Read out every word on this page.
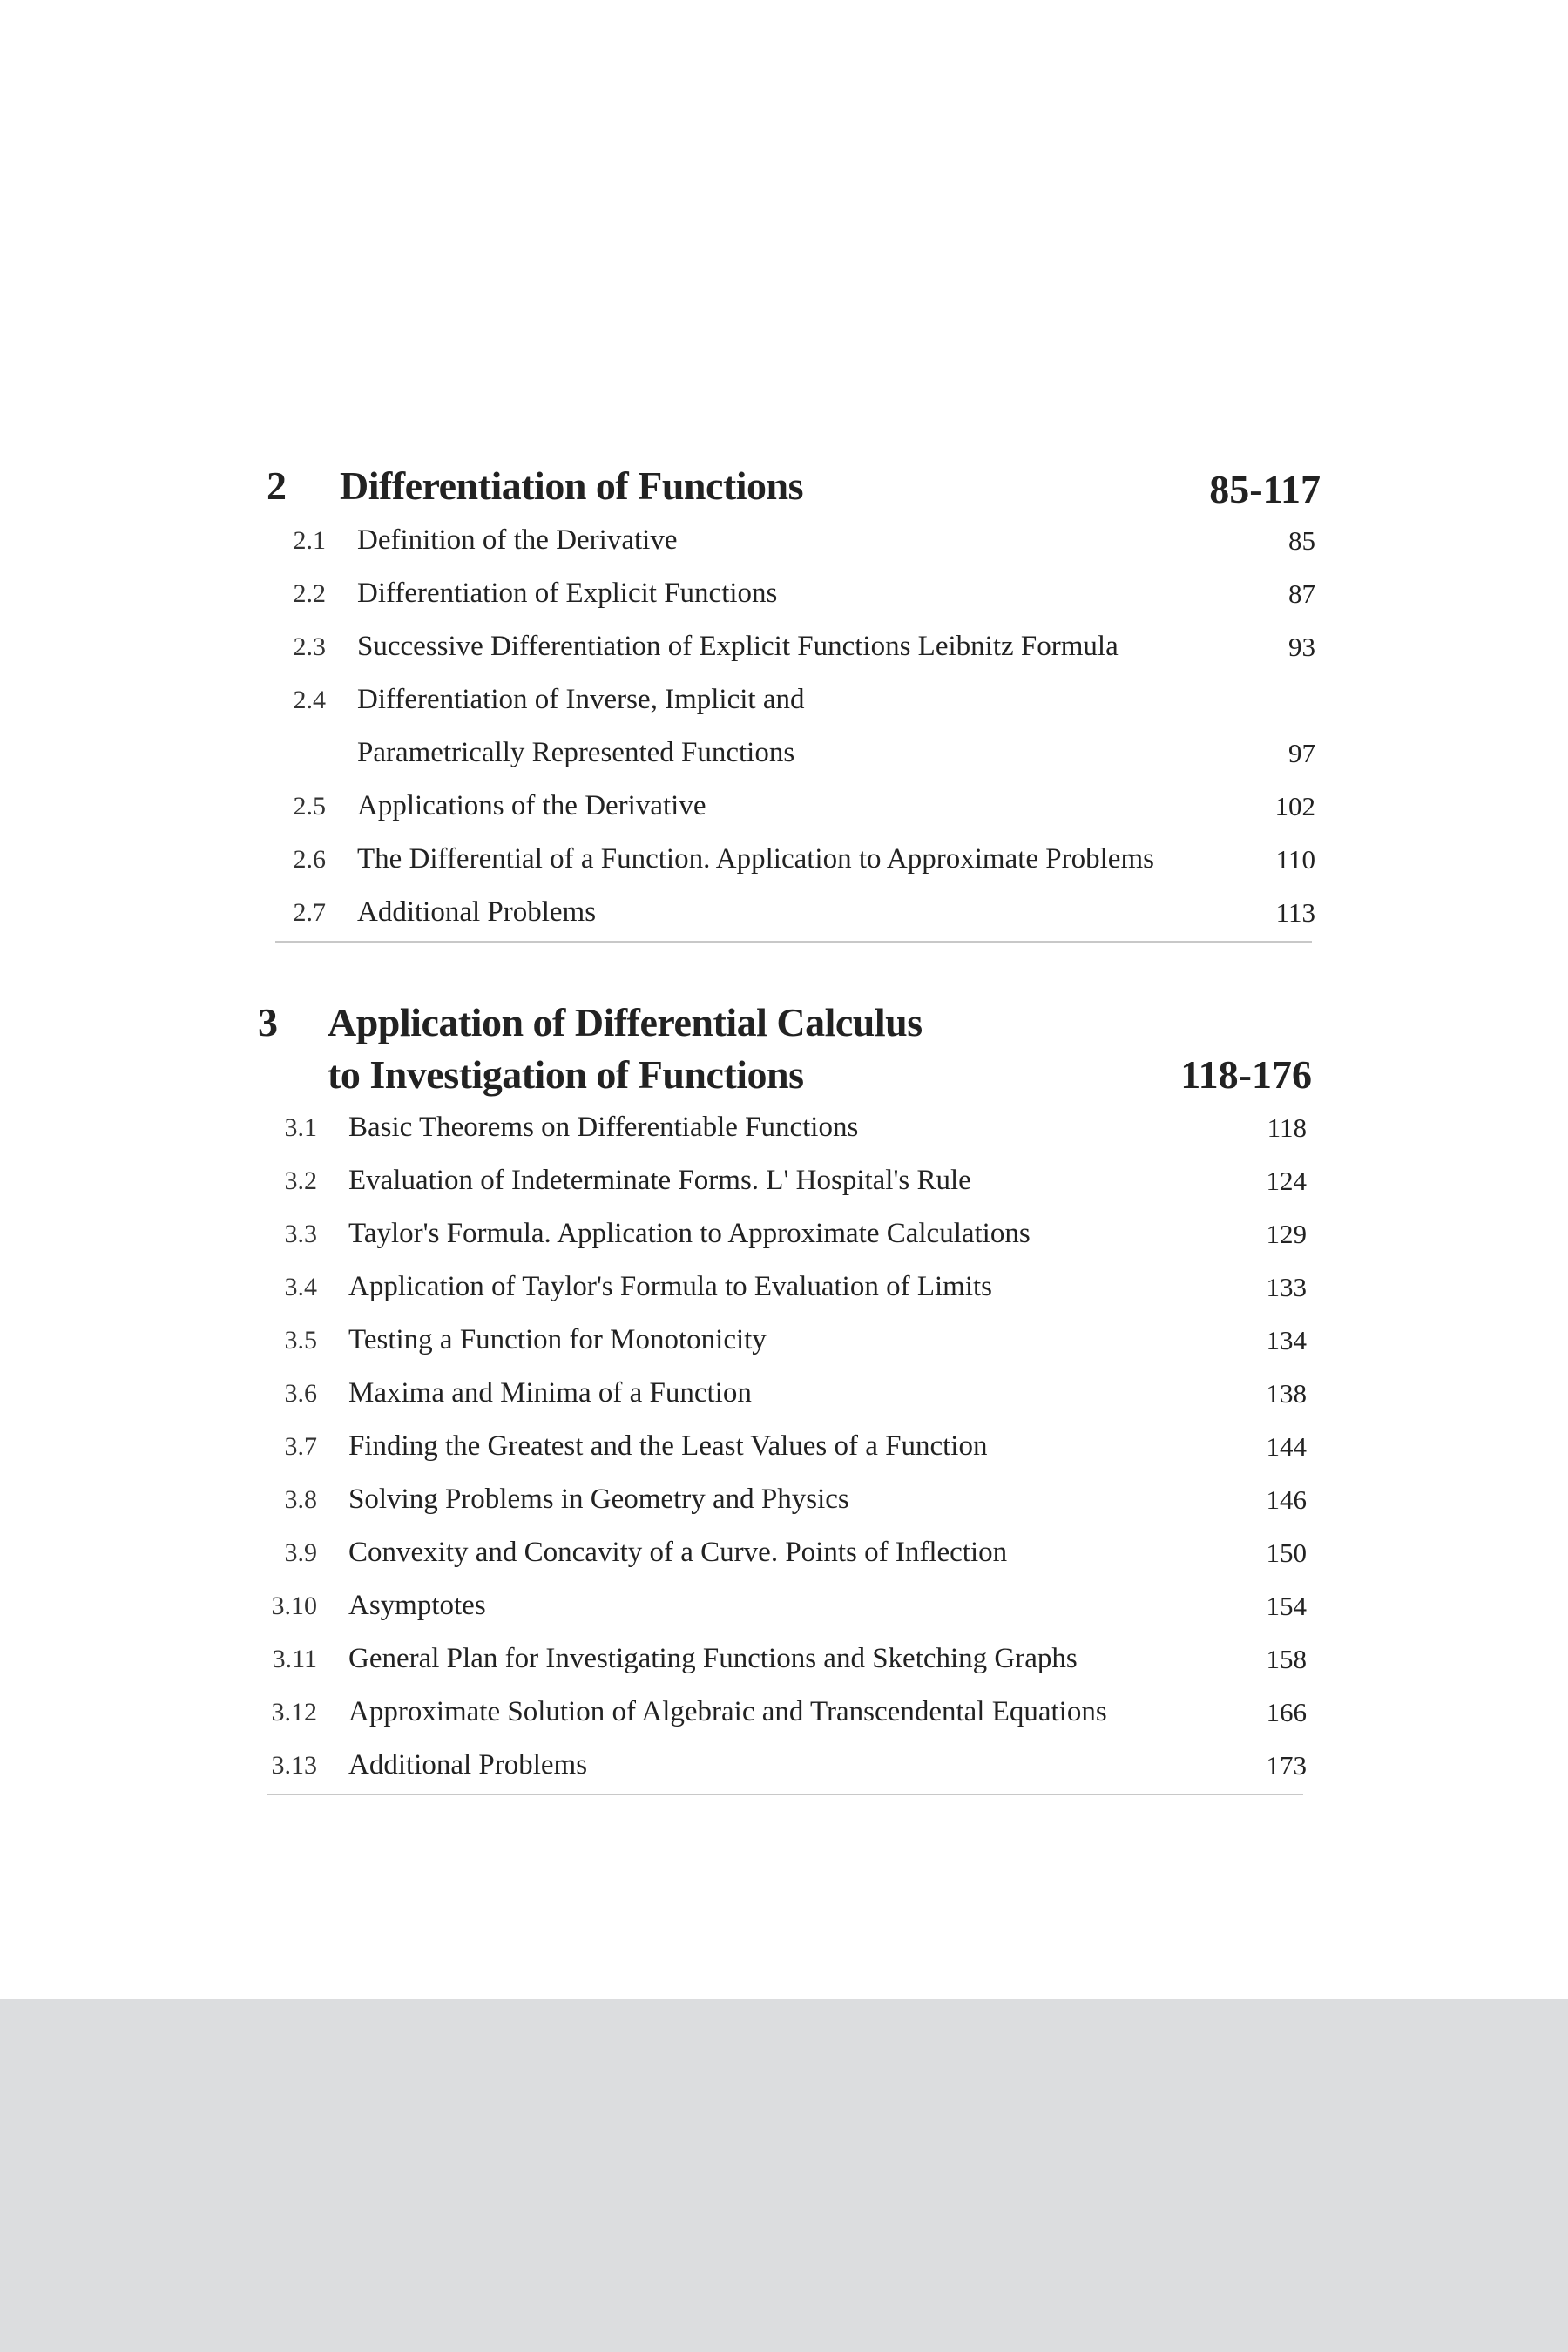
2 Differentiation of Functions	85-117
2.1 Definition of the Derivative	85
2.2 Differentiation of Explicit Functions	87
2.3 Successive Differentiation of Explicit Functions Leibnitz Formula	93
2.4 Differentiation of Inverse, Implicit and
Parametrically Represented Functions	97
2.5 Applications of the Derivative	102
2.6 The Differential of a Function. Application to Approximate Problems	110
2.7 Additional Problems	113
3 Application of Differential Calculus
to Investigation of Functions	118-176
3.1 Basic Theorems on Differentiable Functions	118
3.2 Evaluation of Indeterminate Forms. L' Hospital's Rule	124
3.3 Taylor's Formula. Application to Approximate Calculations	129
3.4 Application of Taylor's Formula to Evaluation of Limits	133
3.5 Testing a Function for Monotonicity	134
3.6 Maxima and Minima of a Function	138
3.7 Finding the Greatest and the Least Values of a Function	144
3.8 Solving Problems in Geometry and Physics	146
3.9 Convexity and Concavity of a Curve. Points of Inflection	150
3.10 Asymptotes	154
3.11 General Plan for Investigating Functions and Sketching Graphs	158
3.12 Approximate Solution of Algebraic and Transcendental Equations	166
3.13 Additional Problems	173
